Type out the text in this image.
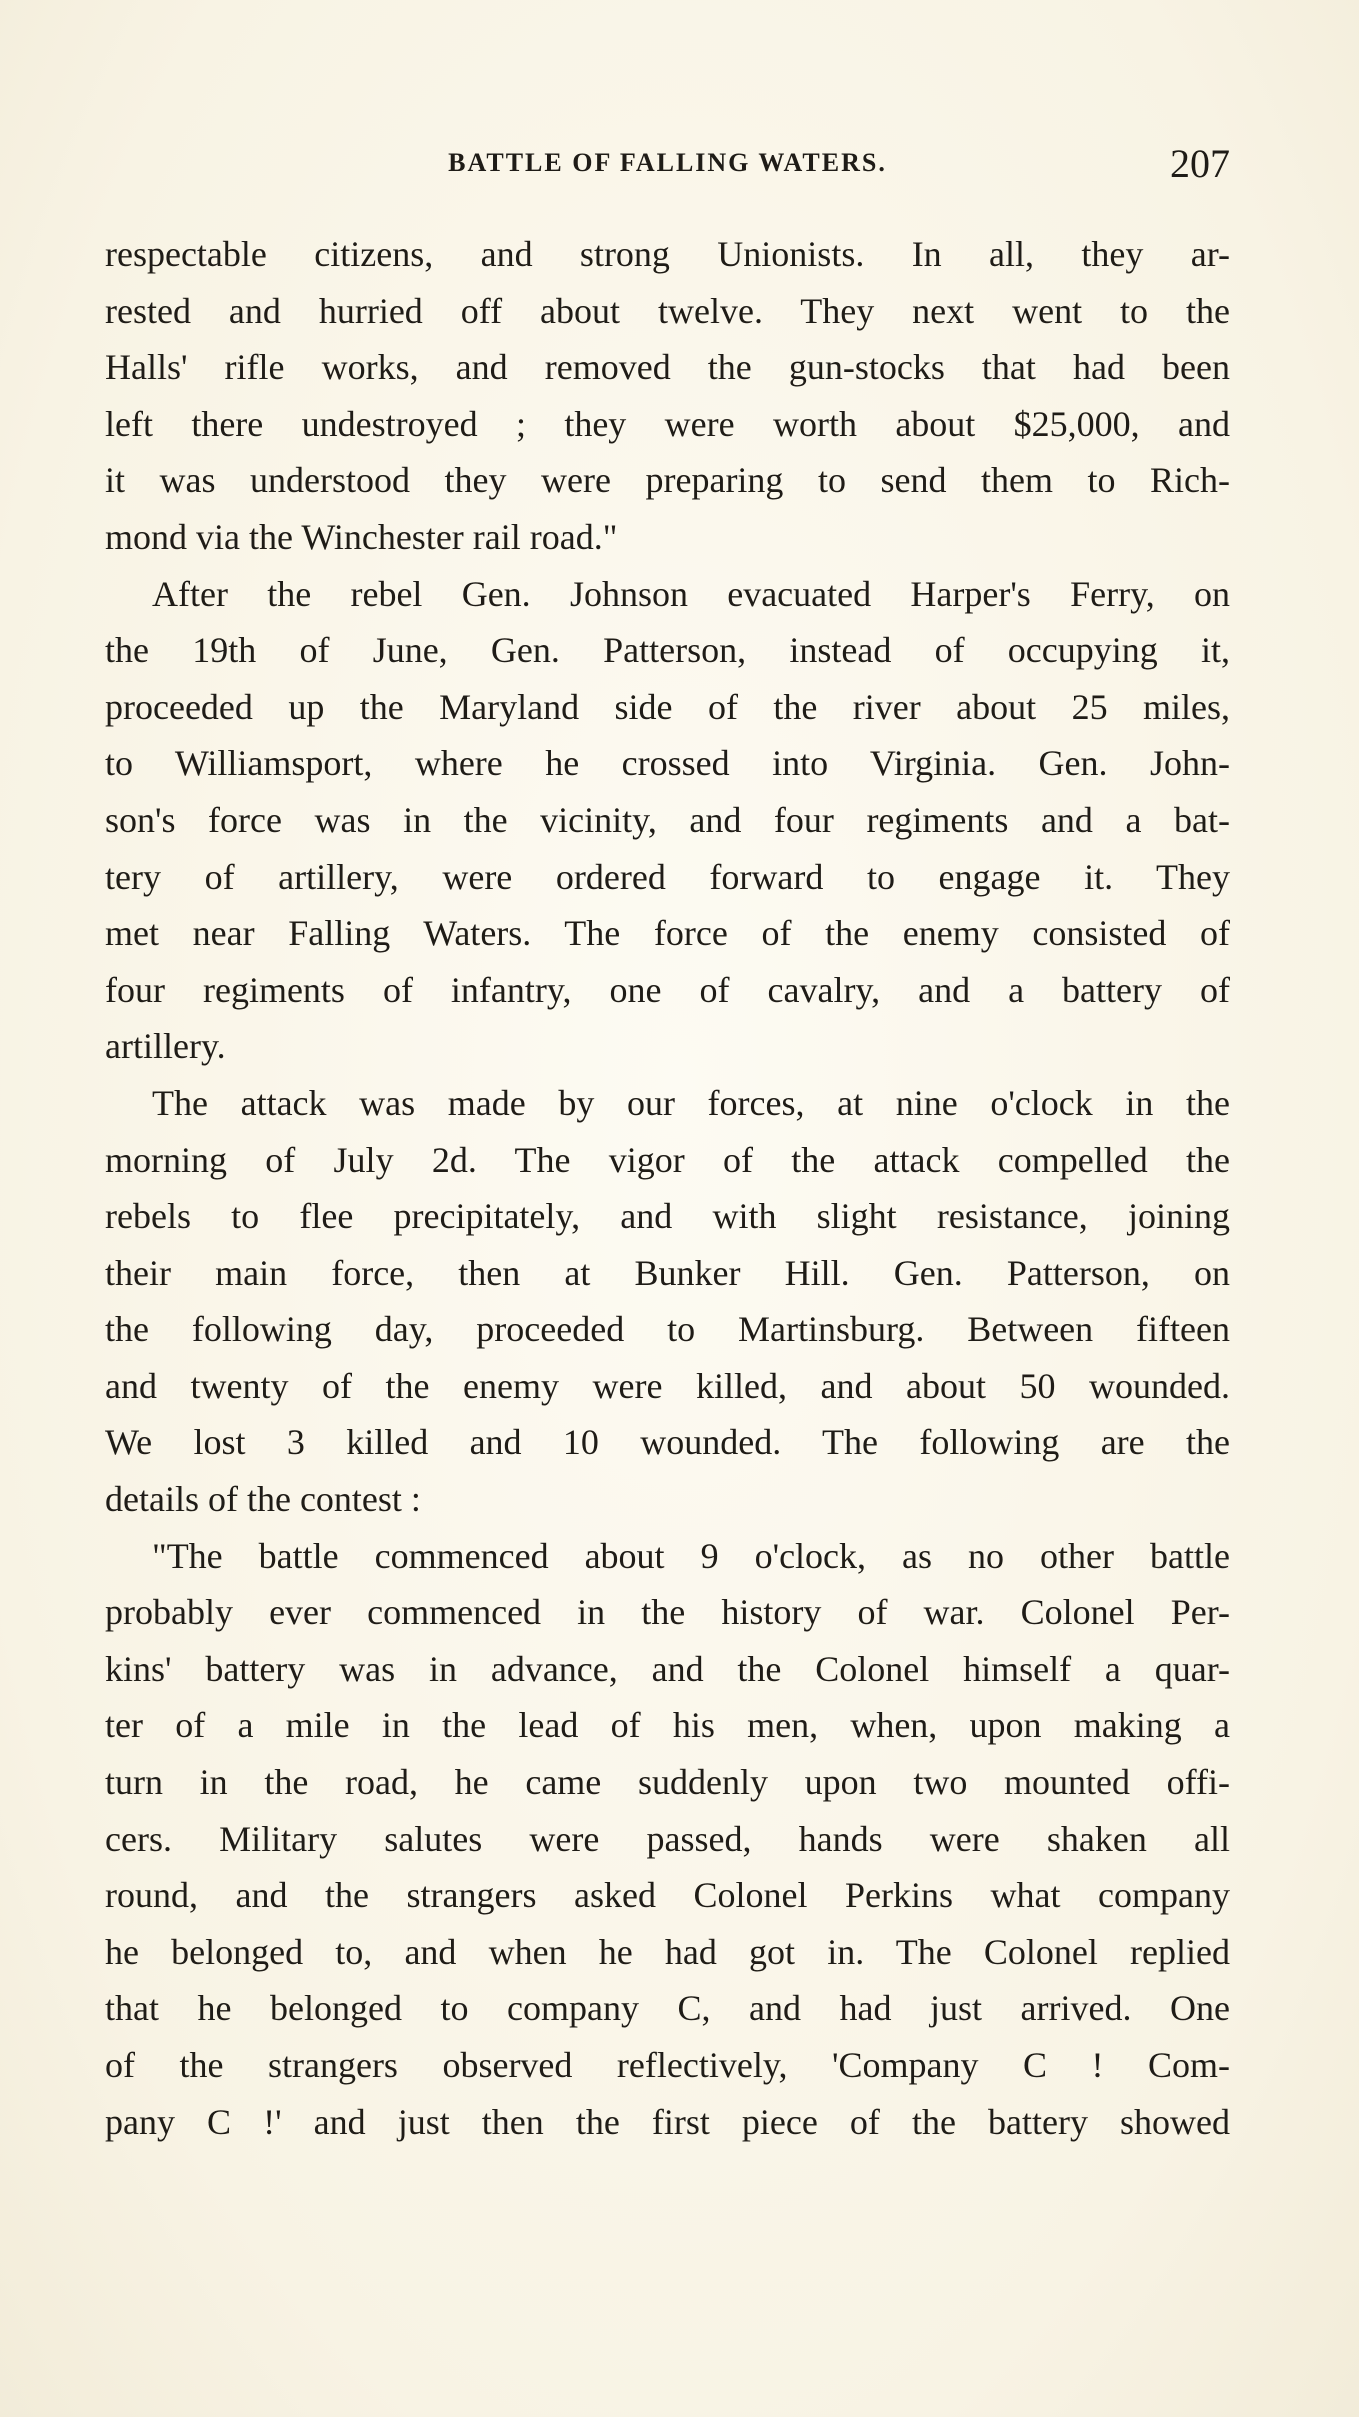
BATTLE OF FALLING WATERS.	207
respectable citizens, and strong Unionists. In all, they ar-
rested and hurried off about twelve. They next went to the
Halls' rifle works, and removed the gun-stocks that had been
left there undestroyed ; they were worth about $25,000, and
it was understood they were preparing to send them to Rich-
mond via the Winchester rail road."
After the rebel Gen. Johnson evacuated Harper's Ferry, on
the 19th of June, Gen. Patterson, instead of occupying it,
proceeded up the Maryland side of the river about 25 miles,
to Williamsport, where he crossed into Virginia. Gen. John-
son's force was in the vicinity, and four regiments and a bat-
tery of artillery, were ordered forward to engage it. They
met near Falling Waters. The force of the enemy consisted of
four regiments of infantry, one of cavalry, and a battery of
artillery.
The attack was made by our forces, at nine o'clock in the
morning of July 2d. The vigor of the attack compelled the
rebels to flee precipitately, and with slight resistance, joining
their main force, then at Bunker Hill. Gen. Patterson, on
the following day, proceeded to Martinsburg. Between fifteen
and twenty of the enemy were killed, and about 50 wounded.
We lost 3 killed and 10 wounded. The following are the
details of the contest :
"The battle commenced about 9 o'clock, as no other battle
probably ever commenced in the history of war. Colonel Per-
kins' battery was in advance, and the Colonel himself a quar-
ter of a mile in the lead of his men, when, upon making a
turn in the road, he came suddenly upon two mounted offi-
cers. Military salutes were passed, hands were shaken all
round, and the strangers asked Colonel Perkins what company
he belonged to, and when he had got in. The Colonel replied
that he belonged to company C, and had just arrived. One
of the strangers observed reflectively, 'Company C ! Com-
pany C !' and just then the first piece of the battery showed
